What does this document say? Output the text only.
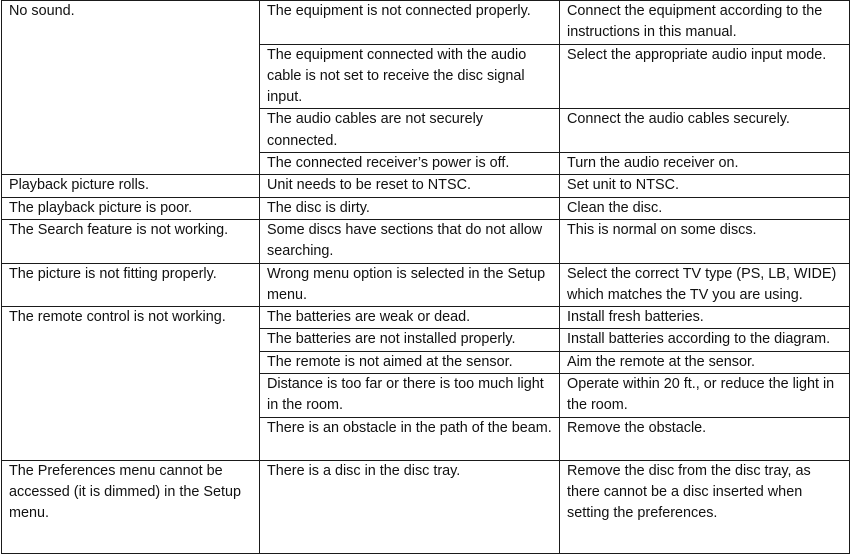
No sound.	The equipment is not connected properly.	Connect the equipment according to the instructions in this manual.
	The equipment connected with the audio cable is not set to receive the disc signal input.	Select the appropriate audio input mode.
	The audio cables are not securely connected.	Connect the audio cables securely.
	The connected receiver’s power is off.	Turn the audio receiver on.
Playback picture rolls.	Unit needs to be reset to NTSC.	Set unit to NTSC.
The playback picture is poor.	The disc is dirty.	Clean the disc.
The Search feature is not working.	Some discs have sections that do not allow searching.	This is normal on some discs.
The picture is not fitting properly.	Wrong menu option is selected in the Setup menu.	Select the correct TV type (PS, LB, WIDE) which matches the TV you are using.
The remote control is not working.	The batteries are weak or dead.	Install fresh batteries.
	The batteries are not installed properly.	Install batteries according to the diagram.
	The remote is not aimed at the sensor.	Aim the remote at the sensor.
	Distance is too far or there is too much light in the room.	Operate within 20 ft., or reduce the light in the room.
	There is an obstacle in the path of the beam.	Remove the obstacle.
The Preferences menu cannot be accessed (it is dimmed) in the Setup menu.	There is a disc in the disc tray.	Remove the disc from the disc tray, as there cannot be a disc inserted when setting the preferences.
